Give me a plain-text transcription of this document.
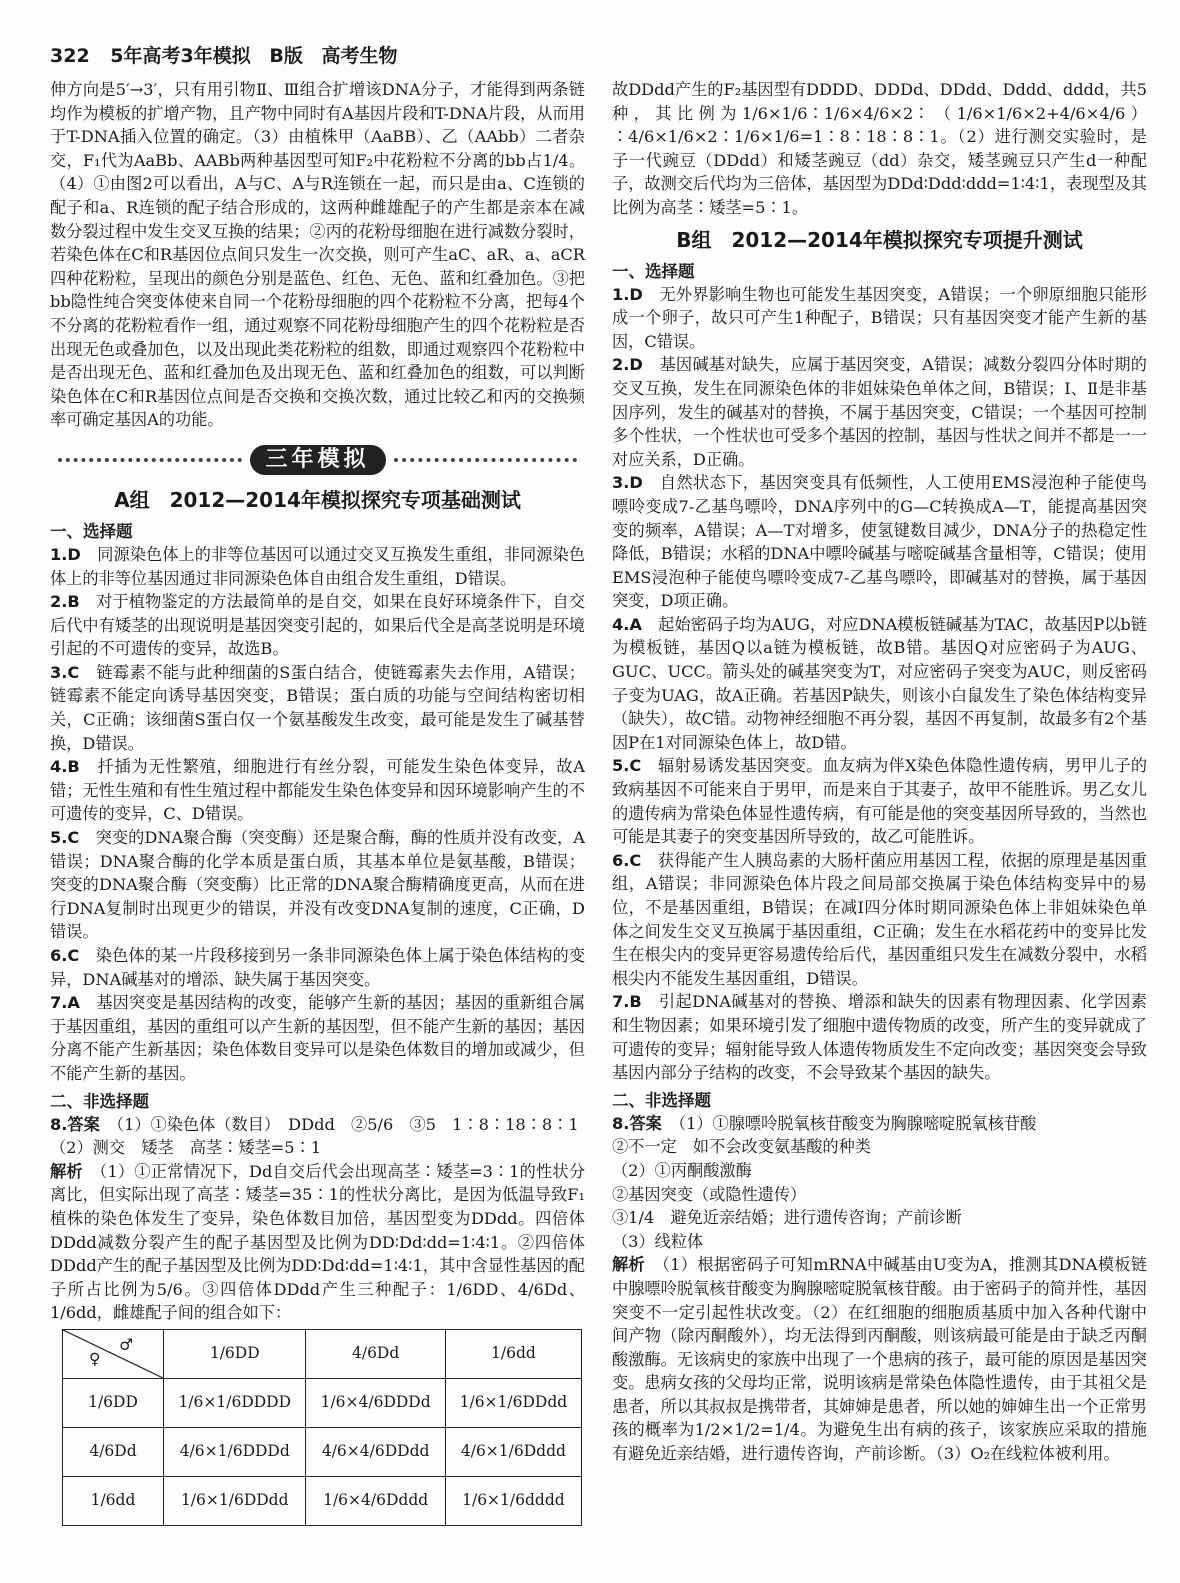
322 5年高考3年模拟 B版 高考生物

伸方向是5′→3′，只有用引物Ⅱ、Ⅲ组合扩增该DNA分子，才能得到两条链均作为模板的扩增产物，且产物中同时有A基因片段和T-DNA片段，从而用于T-DNA插入位置的确定。（3）由植株甲（AaBB）、乙（AAbb）二者杂交，F₁代为AaBb、AABb两种基因型可知F₂中花粉粒不分离的bb占1/4。（4）①由图2可以看出，A与C、A与R连锁在一起，而只是由a、C连锁的配子和a、R连锁的配子结合形成的，这两种雌雄配子的产生都是亲本在减数分裂过程中发生交叉互换的结果；②丙的花粉母细胞在进行减数分裂时，若染色体在C和R基因位点间只发生一次交换，则可产生aC、aR、a、aCR四种花粉粒，呈现出的颜色分别是蓝色、红色、无色、蓝和红叠加色。③把bb隐性纯合突变体使来自同一个花粉母细胞的四个花粉粒不分离，把每4个不分离的花粉粒看作一组，通过观察不同花粉母细胞产生的四个花粉粒是否出现无色或叠加色，以及出现此类花粉粒的组数，即通过观察四个花粉粒中是否出现无色、蓝和红叠加色及出现无色、蓝和红叠加色的组数，可以判断染色体在C和R基因位点间是否交换和交换次数，通过比较乙和丙的交换频率可确定基因A的功能。

三年模拟
A组　2012—2014年模拟探究专项基础测试
一、选择题

1.D　 同源染色体上的非等位基因可以通过交叉互换发生重组，非同源染色体上的非等位基因通过非同源染色体自由组合发生重组，D错误。

2.B　 对于植物鉴定的方法最简单的是自交，如果在良好环境条件下，自交后代中有矮茎的出现说明是基因突变引起的，如果后代全是高茎说明是环境引起的不可遗传的变异，故选B。

3.C　 链霉素不能与此种细菌的S蛋白结合，使链霉素失去作用，A错误；链霉素不能定向诱导基因突变，B错误；蛋白质的功能与空间结构密切相关，C正确；该细菌S蛋白仅一个氨基酸发生改变，最可能是发生了碱基替换，D错误。

4.B　 扦插为无性繁殖，细胞进行有丝分裂，可能发生染色体变异，故A错；无性生殖和有性生殖过程中都能发生染色体变异和因环境影响产生的不可遗传的变异，C、D错误。

5.C　 突变的DNA聚合酶（突变酶）还是聚合酶，酶的性质并没有改变，A错误；DNA聚合酶的化学本质是蛋白质，其基本单位是氨基酸，B错误；突变的DNA聚合酶（突变酶）比正常的DNA聚合酶精确度更高，从而在进行DNA复制时出现更少的错误，并没有改变DNA复制的速度，C正确，D错误。

6.C　 染色体的某一片段移接到另一条非同源染色体上属于染色体结构的变异，DNA碱基对的增添、缺失属于基因突变。

7.A　 基因突变是基因结构的改变，能够产生新的基因；基因的重新组合属于基因重组，基因的重组可以产生新的基因型，但不能产生新的基因；基因分离不能产生新基因；染色体数目变异可以是染色体数目的增加或减少，但不能产生新的基因。

二、非选择题

8.答案　 （1）①染色体（数目）　DDdd　②5/6　③5　1∶8∶18∶8∶1

（2）测交　矮茎　高茎∶矮茎=5∶1

解析　 （1）①正常情况下，Dd自交后代会出现高茎∶矮茎=3∶1的性状分离比，但实际出现了高茎∶矮茎=35∶1的性状分离比，是因为低温导致F₁植株的染色体发生了变异，染色体数目加倍，基因型变为DDdd。四倍体DDdd减数分裂产生的配子基因型及比例为DD∶Dd∶dd=1∶4∶1。②四倍体DDdd产生的配子基因型及比例为DD∶Dd∶dd=1∶4∶1，其中含显性基因的配子所占比例为5/6。③四倍体DDdd产生三种配子：1/6DD、4/6Dd、1/6dd，雌雄配子间的组合如下：

♂
♀	1/6DD	4/6Dd	1/6dd
1/6DD	1/6×1/6DDDD	1/6×4/6DDDd	1/6×1/6DDdd
4/6Dd	4/6×1/6DDDd	4/6×4/6DDdd	4/6×1/6Dddd
1/6dd	1/6×1/6DDdd	1/6×4/6Dddd	1/6×1/6dddd

故DDdd产生的F₂基因型有DDDD、DDDd、DDdd、Dddd、dddd，共5种，其比例为1/6×1/6∶1/6×4/6×2∶（1/6×1/6×2+4/6×4/6）∶4/6×1/6×2∶1/6×1/6=1∶8∶18∶8∶1。（2）进行测交实验时，是子一代豌豆（DDdd）和矮茎豌豆（dd）杂交，矮茎豌豆只产生d一种配子，故测交后代均为三倍体，基因型为DDd∶Ddd∶ddd=1∶4∶1，表现型及其比例为高茎∶矮茎=5∶1。

B组　2012—2014年模拟探究专项提升测试
一、选择题

1.D　 无外界影响生物也可能发生基因突变，A错误；一个卵原细胞只能形成一个卵子，故只可产生1种配子，B错误；只有基因突变才能产生新的基因，C错误。

2.D　 基因碱基对缺失，应属于基因突变，A错误；减数分裂四分体时期的交叉互换，发生在同源染色体的非姐妹染色单体之间，B错误；Ⅰ、Ⅱ是非基因序列，发生的碱基对的替换，不属于基因突变，C错误；一个基因可控制多个性状，一个性状也可受多个基因的控制，基因与性状之间并不都是一一对应关系，D正确。

3.D　 自然状态下，基因突变具有低频性，人工使用EMS浸泡种子能使鸟嘌呤变成7-乙基鸟嘌呤，DNA序列中的G—C转换成A—T，能提高基因突变的频率，A错误；A—T对增多，使氢键数目减少，DNA分子的热稳定性降低，B错误；水稻的DNA中嘌呤碱基与嘧啶碱基含量相等，C错误；使用EMS浸泡种子能使鸟嘌呤变成7-乙基鸟嘌呤，即碱基对的替换，属于基因突变，D项正确。

4.A　 起始密码子均为AUG，对应DNA模板链碱基为TAC，故基因P以b链为模板链，基因Q以a链为模板链，故B错。基因Q对应密码子为AUG、GUC、UCC。箭头处的碱基突变为T，对应密码子突变为AUC，则反密码子变为UAG，故A正确。若基因P缺失，则该小白鼠发生了染色体结构变异（缺失），故C错。动物神经细胞不再分裂，基因不再复制，故最多有2个基因P在1对同源染色体上，故D错。

5.C　 辐射易诱发基因突变。血友病为伴X染色体隐性遗传病，男甲儿子的致病基因不可能来自于男甲，而是来自于其妻子，故甲不能胜诉。男乙女儿的遗传病为常染色体显性遗传病，有可能是他的突变基因所导致的，当然也可能是其妻子的突变基因所导致的，故乙可能胜诉。

6.C　 获得能产生人胰岛素的大肠杆菌应用基因工程，依据的原理是基因重组，A错误；非同源染色体片段之间局部交换属于染色体结构变异中的易位，不是基因重组，B错误；在减Ⅰ四分体时期同源染色体上非姐妹染色单体之间发生交叉互换属于基因重组，C正确；发生在水稻花药中的变异比发生在根尖内的变异更容易遗传给后代，基因重组只发生在减数分裂中，水稻根尖内不能发生基因重组，D错误。

7.B　 引起DNA碱基对的替换、增添和缺失的因素有物理因素、化学因素和生物因素；如果环境引发了细胞中遗传物质的改变，所产生的变异就成了可遗传的变异；辐射能导致人体遗传物质发生不定向改变；基因突变会导致基因内部分子结构的改变，不会导致某个基因的缺失。

二、非选择题

8.答案　 （1）①腺嘌呤脱氧核苷酸变为胸腺嘧啶脱氧核苷酸

②不一定　如不会改变氨基酸的种类

（2）①丙酮酸激酶

②基因突变（或隐性遗传）

③1/4　避免近亲结婚；进行遗传咨询；产前诊断

（3）线粒体

解析　 （1）根据密码子可知mRNA中碱基由U变为A，推测其DNA模板链中腺嘌呤脱氧核苷酸变为胸腺嘧啶脱氧核苷酸。由于密码子的简并性，基因突变不一定引起性状改变。（2）在红细胞的细胞质基质中加入各种代谢中间产物（除丙酮酸外），均无法得到丙酮酸，则该病最可能是由于缺乏丙酮酸激酶。无该病史的家族中出现了一个患病的孩子，最可能的原因是基因突变。患病女孩的父母均正常，说明该病是常染色体隐性遗传，由于其祖父是患者，所以其叔叔是携带者，其婶婶是患者，所以她的婶婶生出一个正常男孩的概率为1/2×1/2=1/4。为避免生出有病的孩子，该家族应采取的措施有避免近亲结婚，进行遗传咨询，产前诊断。（3）O₂在线粒体被利用。
